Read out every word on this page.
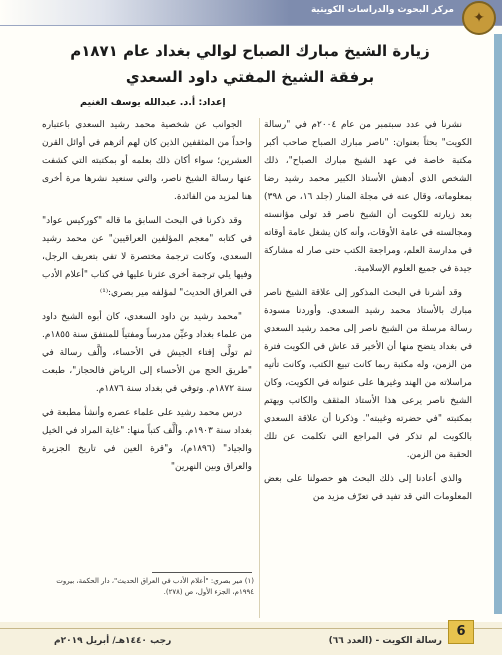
✦
مركز البحوث والدراسات الكويتية
زيارة الشيخ مبارك الصباح لوالي بغداد عام ١٨٧١م
برفقة الشيخ المفتي داود السعدي
إعداد: أ.د. عبدالله يوسف الغنيم

نشرنا في عدد سبتمبر من عام ٢٠٠٤م في "رسالة الكويت" بحثاً بعنوان: "ناصر مبارك الصباح صاحب أكبر مكتبة خاصة في عهد الشيخ مبارك الصباح"، ذلك الشخص الذي أدهش الأستاذ الكبير محمد رشيد رضا بمعلوماته، وقال عنه في مجلة المنار (جلد ١٦، ص ٣٩٨) بعد زيارته للكويت أن الشيخ ناصر قد تولى مؤانسته ومجالسته في عامة الأوقات، وأنه كان يشغل عامة أوقاته في مدارسة العلم، ومراجعة الكتب حتى صار له مشاركة جيدة في جميع العلوم الإسلامية.

وقد أشرنا في البحث المذكور إلى علاقة الشيخ ناصر مبارك بالأستاذ محمد رشيد السعدي. وأوردنا مسودة رسالة مرسلة من الشيخ ناصر إلى محمد رشيد السعدي في بغداد يتضح منها أن الأخير قد عاش في الكويت فترة من الزمن، وله مكتبة ربما كانت تبيع الكتب، وكانت تأتيه مراسلاته من الهند وغيرها على عنوانه في الكويت، وكان الشيخ ناصر يرعى هذا الأستاذ المثقف والكاتب ويهتم بمكتبته "في حضرته وغيبته". وذكرنا أن علاقة السعدي بالكويت لم تذكر في المراجع التي تكلمت عن تلك الحقبة من الزمن.

والذي أعادنا إلى ذلك البحث هو حصولنا على بعض المعلومات التي قد تفيد في تعرّف مزيد من

الجوانب عن شخصية محمد رشيد السعدي باعتباره واحداً من المثقفين الذين كان لهم أثرهم في أوائل القرن العشرين؛ سواء أكان ذلك بعلمه أو بمكتبته التي كشفت عنها رسالة الشيخ ناصر، والتي سنعيد نشرها مرة أخرى هنا لمزيد من الفائدة.

وقد ذكرنا في البحث السابق ما قاله "كوركيس عواد" في كتابه "معجم المؤلفين العراقيين" عن محمد رشيد السعدي، وكانت ترجمة مختصرة لا تفي بتعريف الرجل، وفيها يلي ترجمة أخرى عثرنا عليها في كتاب "أعلام الأدب في العراق الحديث" لمؤلفه مير بصري:⁽¹⁾

"محمد رشيد بن داود السعدي، كان أبوه الشيخ داود من علماء بغداد وعيِّن مدرساً ومفتياً للمنتفق سنة ١٨٥٥م. ثم تولَّى إفتاء الجيش في الأحساء، وألَّف رسالة في "طريق الحج من الأحساء إلى الرياض فالحجاز"، طبعت سنة ١٨٧٢م. وتوفي في بغداد سنة ١٨٧٦م.

درس محمد رشيد على علماء عصره وأنشأ مطبعة في بغداد سنة ١٩٠٣م. وألَّف كتباً منها: "غاية المراد في الخيل والجياد" (١٨٩٦م)، و"قرة العين في تاريخ الجزيرة والعراق وبين النهرين"

(١) مير بصري: "أعلام الأدب في العراق الحديث"، دار الحكمة، بيروت ١٩٩٤م، الجزء الأول، ص (٢٧٨).
6
رسالة الكويت - (العدد ٦٦)
رجب ١٤٤٠هـ/ أبريل ٢٠١٩م
